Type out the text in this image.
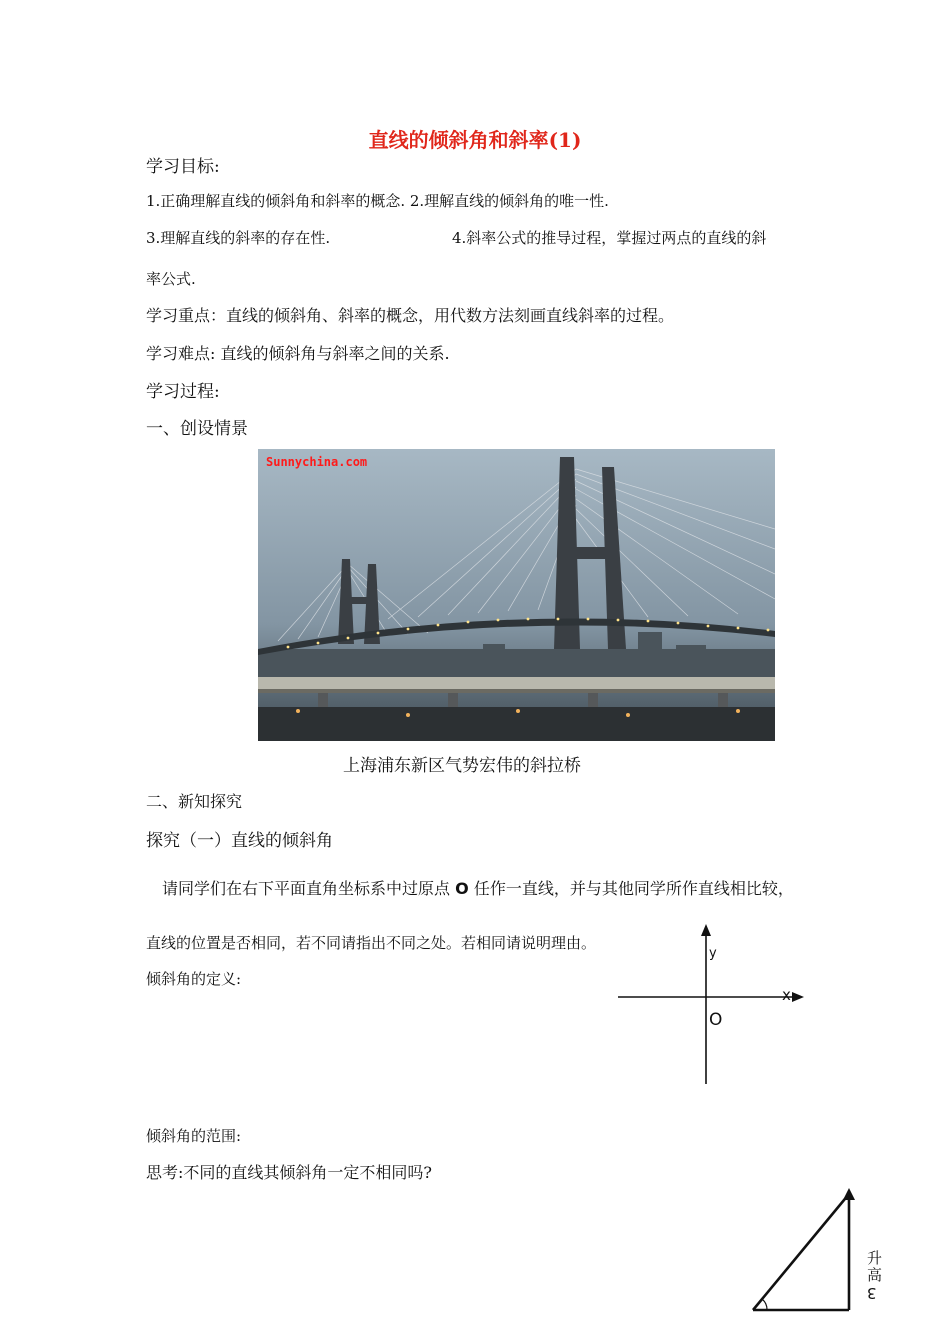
直线的倾斜角和斜率(1)
学习目标:
1.正确理解直线的倾斜角和斜率的概念. 2.理解直线的倾斜角的唯一性.
3.理解直线的斜率的存在性.	4.斜率公式的推导过程，掌握过两点的直线的斜
率公式.
学习重点：直线的倾斜角、斜率的概念，用代数方法刻画直线斜率的过程。
学习难点: 直线的倾斜角与斜率之间的关系.
学习过程:
一、创设情景
Sunnychina.com
上海浦东新区气势宏伟的斜拉桥
二、新知探究
探究（一）直线的倾斜角
请同学们在右下平面直角坐标系中过原点 O 任作一直线，并与其他同学所作直线相比较，
直线的位置是否相同，若不同请指出不同之处。若相同请说明理由。
倾斜角的定义:
y
x
O
倾斜角的范围:
思考:不同的直线其倾斜角一定不相同吗?
升
高
3
